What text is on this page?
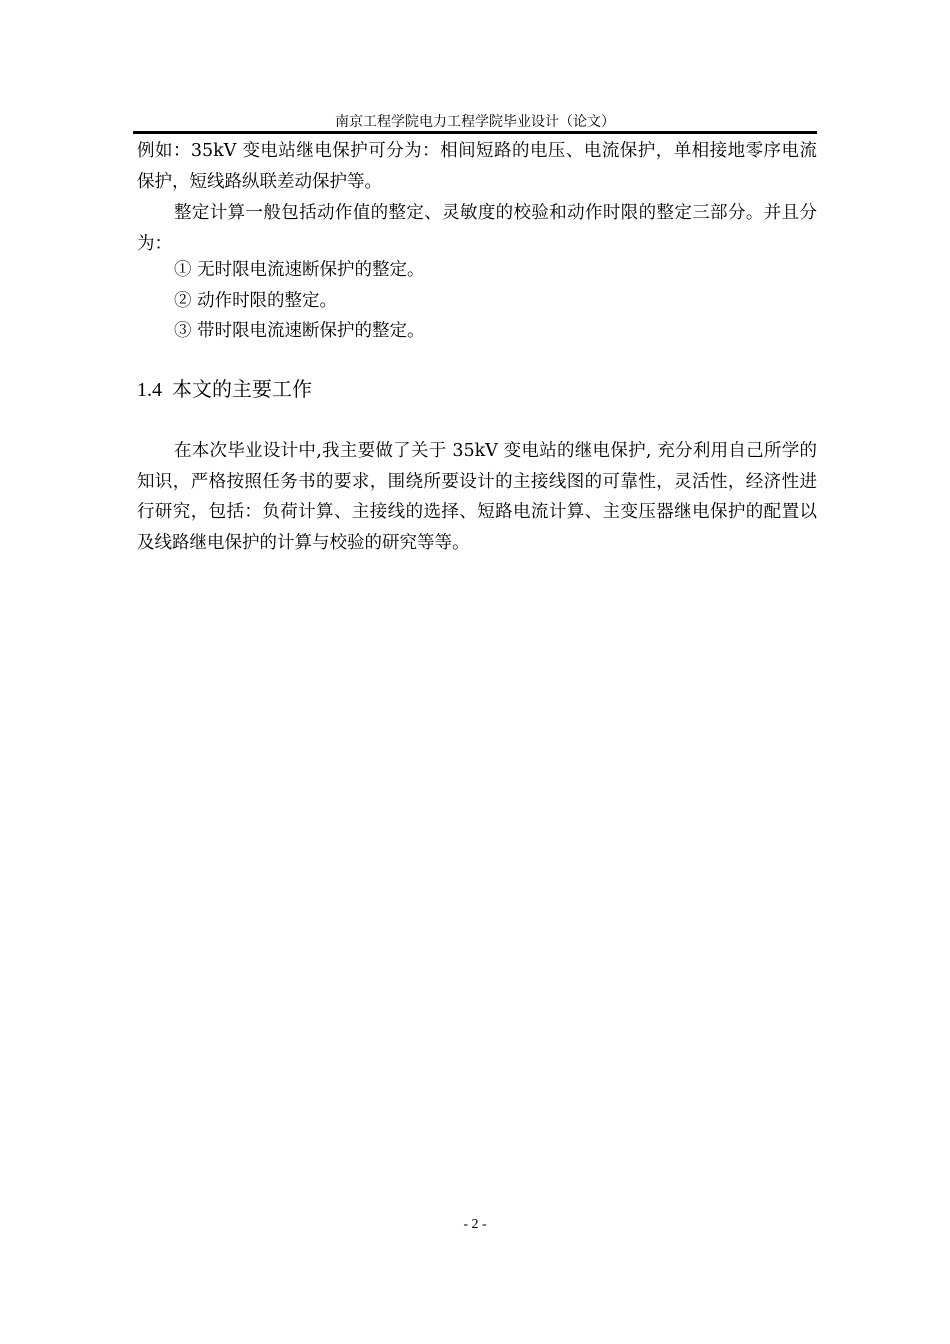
南京工程学院电力工程学院毕业设计（论文）

例如：35kV 变电站继电保护可分为：相间短路的电压、电流保护，单相接地零序电流保护，短线路纵联差动保护等。

整定计算一般包括动作值的整定、灵敏度的校验和动作时限的整定三部分。并且分为：

① 无时限电流速断保护的整定。
② 动作时限的整定。
③ 带时限电流速断保护的整定。
1.4 本文的主要工作

在本次毕业设计中,我主要做了关于 35kV 变电站的继电保护, 充分利用自己所学的知识，严格按照任务书的要求，围绕所要设计的主接线图的可靠性，灵活性，经济性进行研究，包括：负荷计算、主接线的选择、短路电流计算、主变压器继电保护的配置以及线路继电保护的计算与校验的研究等等。

- 2 -
